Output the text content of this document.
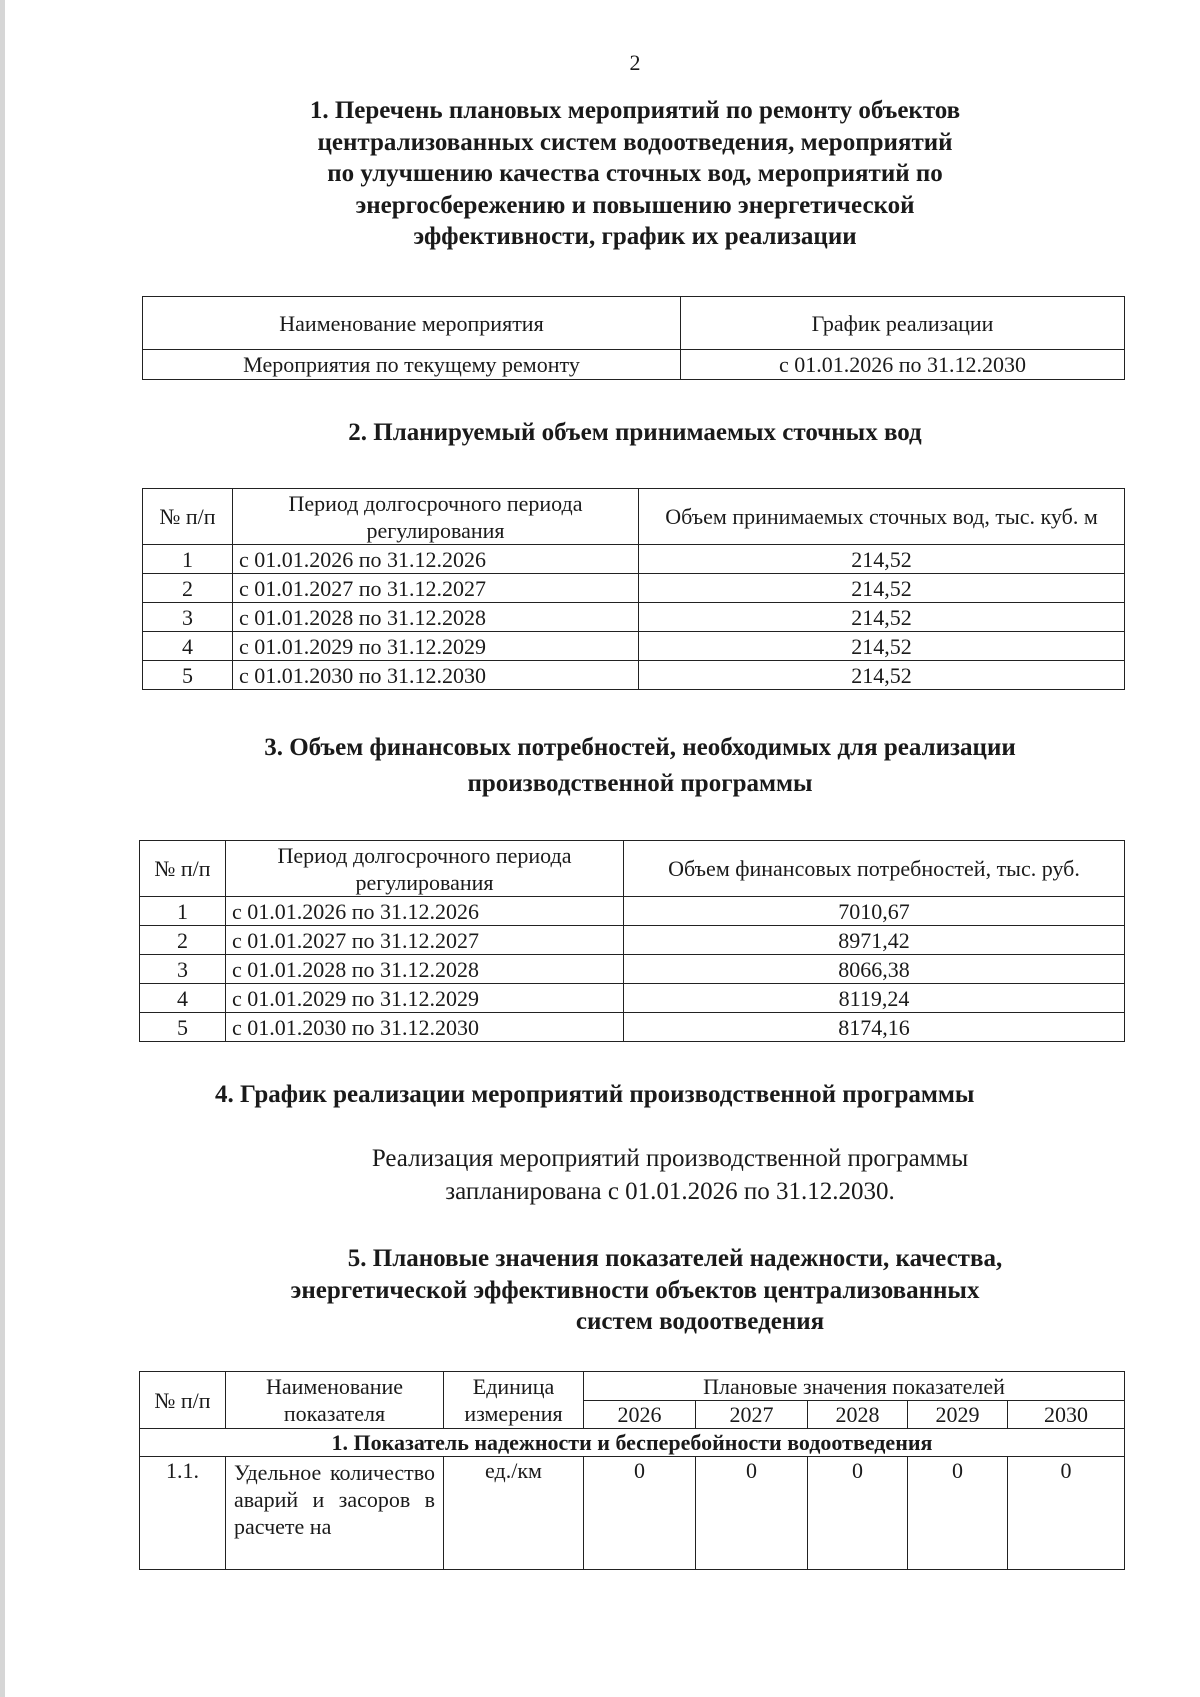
2
1. Перечень плановых мероприятий по ремонту объектов
централизованных систем водоотведения, мероприятий
по улучшению качества сточных вод, мероприятий по
энергосбережению и повышению энергетической
эффективности, график их реализации
Наименование мероприятия	График реализации
Мероприятия по текущему ремонту	с 01.01.2026 по 31.12.2030
2. Планируемый объем принимаемых сточных вод
№ п/п	Период долгосрочного периода регулирования	Объем принимаемых сточных вод, тыс. куб. м
1	с 01.01.2026 по 31.12.2026	214,52
2	с 01.01.2027 по 31.12.2027	214,52
3	с 01.01.2028 по 31.12.2028	214,52
4	с 01.01.2029 по 31.12.2029	214,52
5	с 01.01.2030 по 31.12.2030	214,52
3. Объем финансовых потребностей, необходимых для реализации
производственной программы
№ п/п	Период долгосрочного периода регулирования	Объем финансовых потребностей, тыс. руб.
1	с 01.01.2026 по 31.12.2026	7010,67
2	с 01.01.2027 по 31.12.2027	8971,42
3	с 01.01.2028 по 31.12.2028	8066,38
4	с 01.01.2029 по 31.12.2029	8119,24
5	с 01.01.2030 по 31.12.2030	8174,16
4. График реализации мероприятий производственной программы
Реализация мероприятий производственной программы
запланирована с 01.01.2026 по 31.12.2030.
5. Плановые значения показателей надежности, качества,
энергетической эффективности объектов централизованных
систем водоотведения
№ п/п	Наименование показателя	Единица измерения	Плановые значения показателей				
			2026	2027	2028	2029	2030
1. Показатель надежности и бесперебойности водоотведения							
1.1.	Удельное количество аварий и засоров в расчете на	ед./км	0	0	0	0	0
